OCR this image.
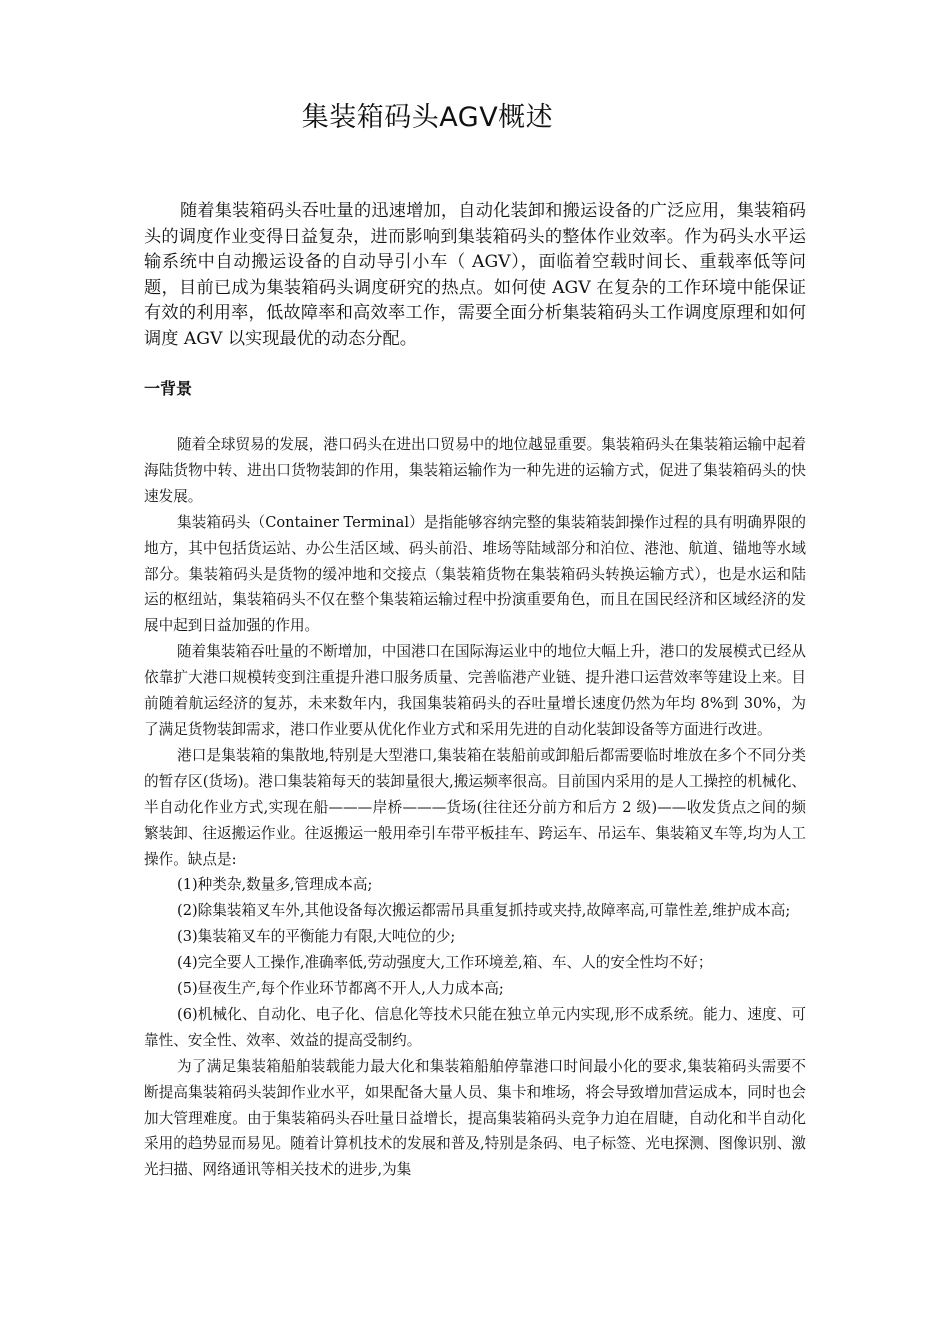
集装箱码头AGV概述

随着集装箱码头吞吐量的迅速增加，自动化装卸和搬运设备的广泛应用，集装箱码头的调度作业变得日益复杂，进而影响到集装箱码头的整体作业效率。作为码头水平运输系统中自动搬运设备的自动导引小车（ AGV），面临着空载时间长、重载率低等问题，目前已成为集装箱码头调度研究的热点。如何使 AGV 在复杂的工作环境中能保证有效的利用率，低故障率和高效率工作，需要全面分析集装箱码头工作调度原理和如何调度 AGV 以实现最优的动态分配。

一背景

随着全球贸易的发展，港口码头在进出口贸易中的地位越显重要。集装箱码头在集装箱运输中起着海陆货物中转、进出口货物装卸的作用，集装箱运输作为一种先进的运输方式，促进了集装箱码头的快速发展。

集装箱码头（Container Terminal）是指能够容纳完整的集装箱装卸操作过程的具有明确界限的地方，其中包括货运站、办公生活区域、码头前沿、堆场等陆域部分和泊位、港池、航道、锚地等水域部分。集装箱码头是货物的缓冲地和交接点（集装箱货物在集装箱码头转换运输方式），也是水运和陆运的枢纽站，集装箱码头不仅在整个集装箱运输过程中扮演重要角色，而且在国民经济和区域经济的发展中起到日益加强的作用。

随着集装箱吞吐量的不断增加，中国港口在国际海运业中的地位大幅上升，港口的发展模式已经从依靠扩大港口规模转变到注重提升港口服务质量、完善临港产业链、提升港口运营效率等建设上来。目前随着航运经济的复苏，未来数年内，我国集装箱码头的吞吐量增长速度仍然为年均 8%到 30%，为了满足货物装卸需求，港口作业要从优化作业方式和采用先进的自动化装卸设备等方面进行改进。

港口是集装箱的集散地,特别是大型港口,集装箱在装船前或卸船后都需要临时堆放在多个不同分类的暂存区(货场)。港口集装箱每天的装卸量很大,搬运频率很高。目前国内采用的是人工操控的机械化、半自动化作业方式,实现在船———岸桥———货场(往往还分前方和后方 2 级)——收发货点之间的频繁装卸、往返搬运作业。往返搬运一般用牵引车带平板挂车、跨运车、吊运车、集装箱叉车等,均为人工操作。缺点是:

(1)种类杂,数量多,管理成本高;

(2)除集装箱叉车外,其他设备每次搬运都需吊具重复抓持或夹持,故障率高,可靠性差,维护成本高;

(3)集装箱叉车的平衡能力有限,大吨位的少;

(4)完全要人工操作,准确率低,劳动强度大,工作环境差,箱、车、人的安全性均不好；

(5)昼夜生产,每个作业环节都离不开人,人力成本高;

(6)机械化、自动化、电子化、信息化等技术只能在独立单元内实现,形不成系统。能力、速度、可靠性、安全性、效率、效益的提高受制约。

为了满足集装箱船舶装载能力最大化和集装箱船舶停靠港口时间最小化的要求,集装箱码头需要不断提高集装箱码头装卸作业水平，如果配备大量人员、集卡和堆场，将会导致增加营运成本，同时也会加大管理难度。由于集装箱码头吞吐量日益增长，提高集装箱码头竞争力迫在眉睫，自动化和半自动化采用的趋势显而易见。随着计算机技术的发展和普及,特别是条码、电子标签、光电探测、图像识别、激光扫描、网络通讯等相关技术的进步,为集
